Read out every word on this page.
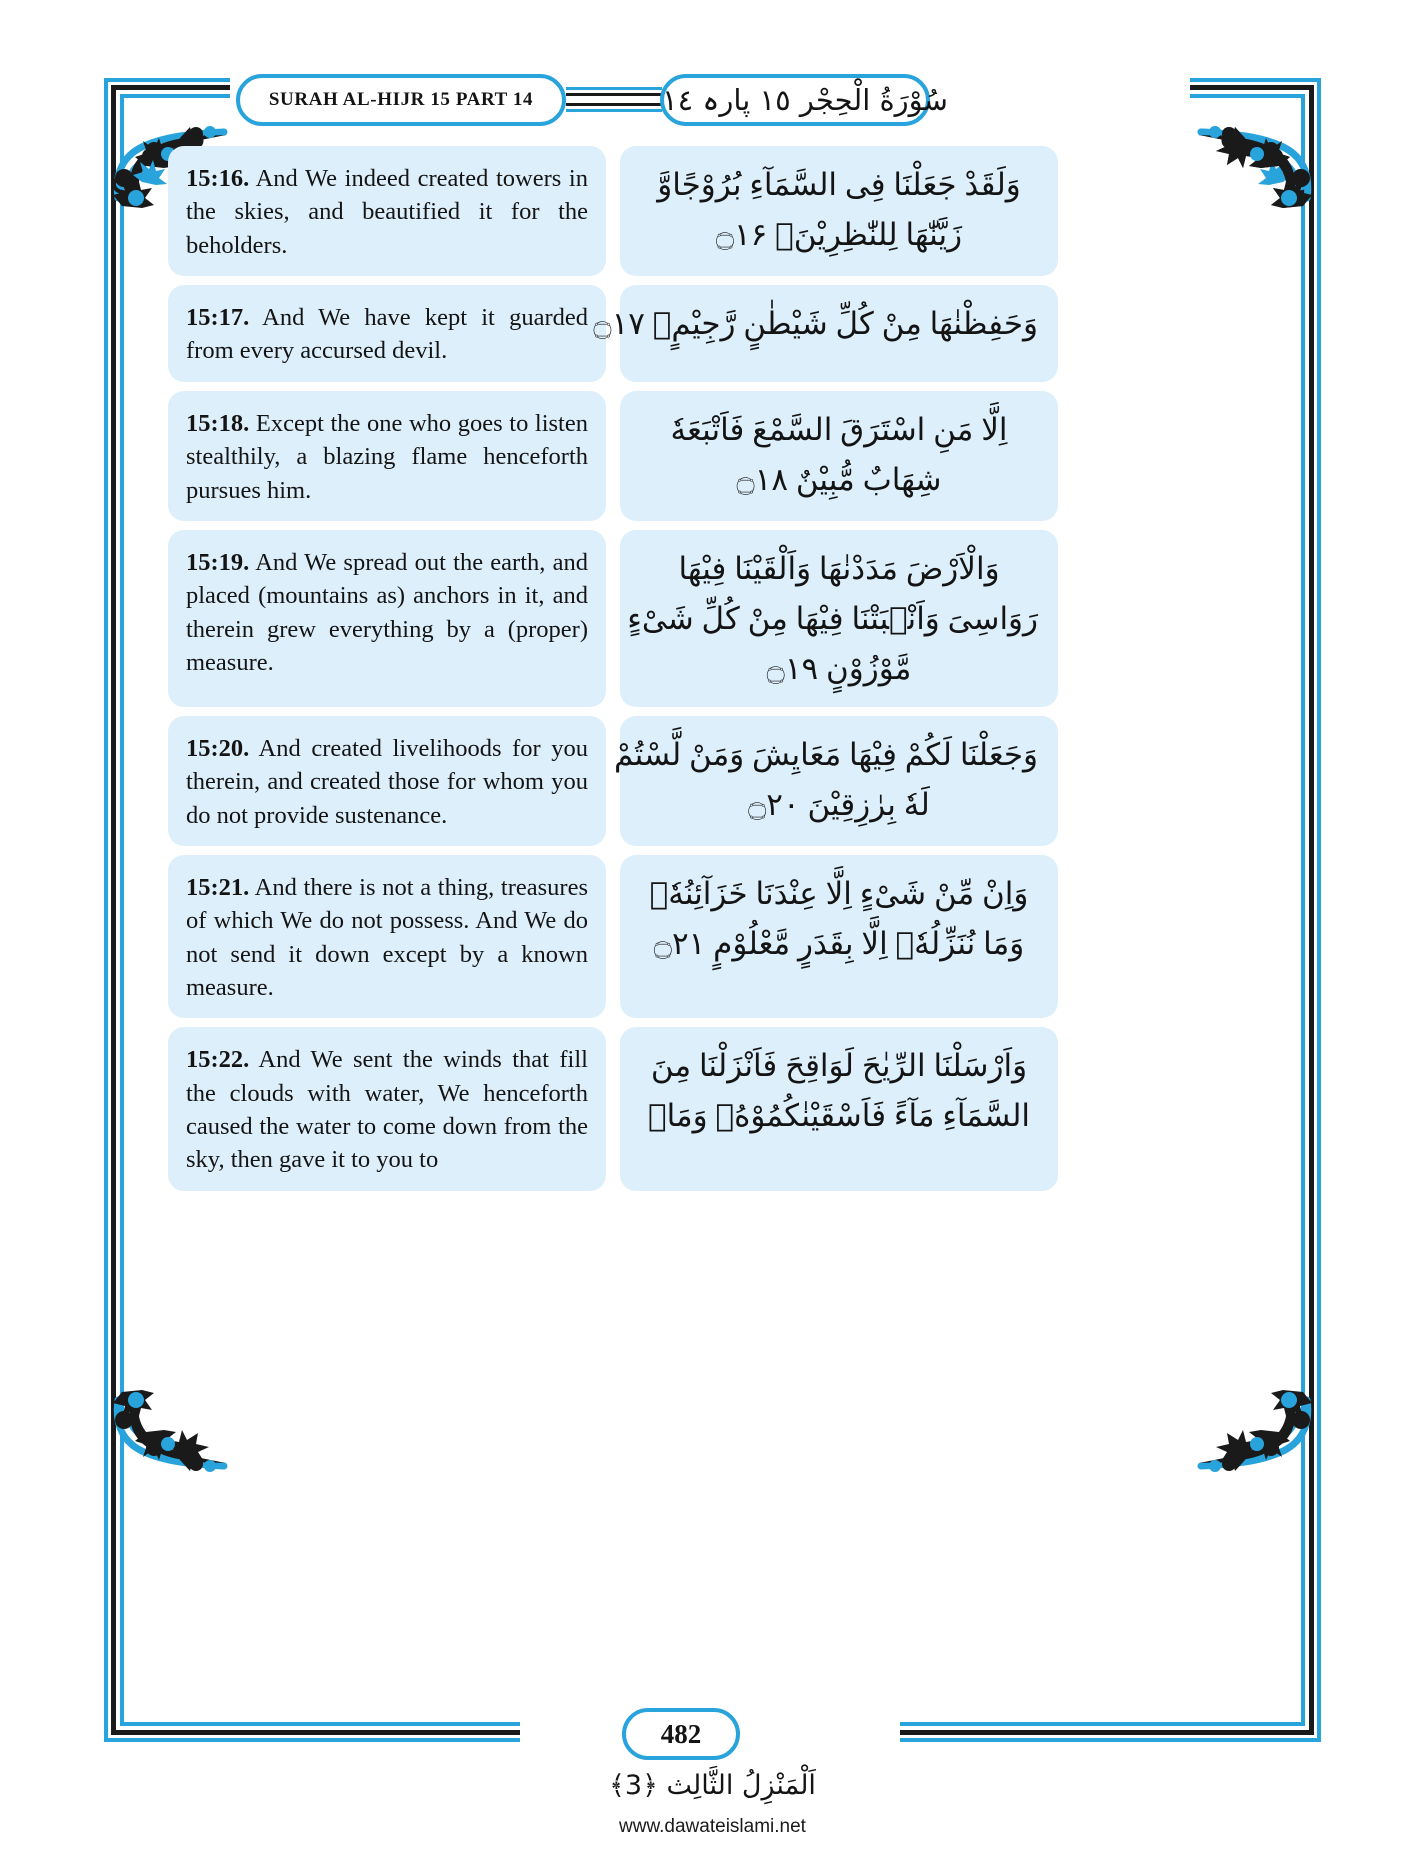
SURAH AL-HIJR 15 PART 14	سُوْرَةُ الْحِجْر ١٥ پارہ ١٤
15:16. And We indeed created towers in the skies, and beautified it for the beholders.
وَلَقَدْ جَعَلْنَا فِی السَّمَآءِ بُرُوْجًاوَّ
زَيَّنّٰهَا لِلنّٰظِرِيْنَۙ ۝۱۶
15:17. And We have kept it guarded from every accursed devil.
وَحَفِظْنٰهَا مِنْ كُلِّ شَيْطٰنٍ رَّجِيْمٍۙ ۝۱۷
15:18. Except the one who goes to listen stealthily, a blazing flame henceforth pursues him.
اِلَّا مَنِ اسْتَرَقَ السَّمْعَ فَاَتْبَعَهٗ
شِهَابٌ مُّبِيْنٌ ۝۱۸
15:19. And We spread out the earth, and placed (mountains as) anchors in it, and therein grew everything by a (proper) measure.
وَالْاَرْضَ مَدَدْنٰهَا وَاَلْقَيْنَا فِيْهَا
رَوَاسِیَ وَاَنْۢبَتْنَا فِيْهَا مِنْ كُلِّ شَیْءٍ
مَّوْزُوْنٍ ۝۱۹
15:20. And created livelihoods for you therein, and created those for whom you do not provide sustenance.
وَجَعَلْنَا لَكُمْ فِيْهَا مَعَايِشَ وَمَنْ لَّسْتُمْ
لَهٗ بِرٰزِقِيْنَ ۝۲۰
15:21. And there is not a thing, treasures of which We do not possess. And We do not send it down except by a known measure.
وَاِنْ مِّنْ شَیْءٍ اِلَّا عِنْدَنَا خَزَآئِنُهٗ۠
وَمَا نُنَزِّلُهٗۤ اِلَّا بِقَدَرٍ مَّعْلُوْمٍ ۝۲۱
15:22. And We sent the winds that fill the clouds with water, We henceforth caused the water to come down from the sky, then gave it to you to
وَاَرْسَلْنَا الرِّيٰحَ لَوَاقِحَ فَاَنْزَلْنَا مِنَ
السَّمَآءِ مَآءً فَاَسْقَيْنٰكُمُوْهُۚ وَمَاۤ
482
اَلْمَنْزِلُ الثَّالِث ﴿3﴾
www.dawateislami.net
